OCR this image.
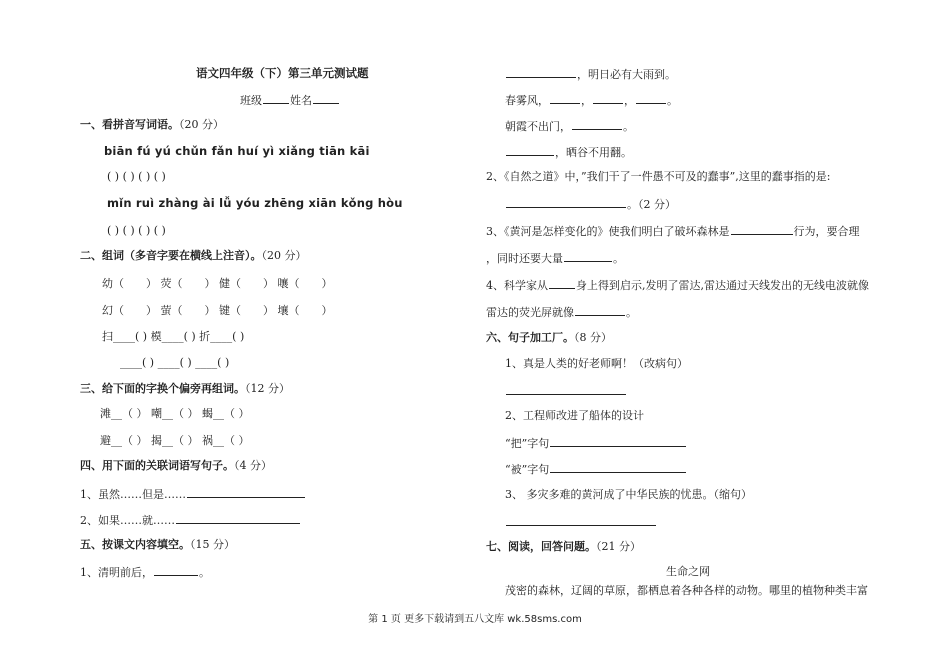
语文四年级（下）第三单元测试题
班级	姓名
一、看拼音写词语。（20 分）
biān fú yú chǔn fǎn huí yì xiǎng tiān kāi
( ) ( ) ( ) ( )
mǐn ruì zhàng ài lǚ yóu zhēng xiān kǒng hòu
( ) ( ) ( ) ( )
二、组词（多音字要在横线上注音）。（20 分）
幼（ ） 荧（ ） 健（ ） 嚷（ ）
幻（ ） 萤（ ） 键（ ） 壤（ ）
扫____( ) 模____( ) 折____( )
____( ) ____( ) ____( )
三、给下面的字换个偏旁再组词。（12 分）
滩__（ ） 嘲__（ ） 蝎__（ ）
避__（ ） 揭__（ ） 祸__（ ）
四、用下面的关联词语写句子。（4 分）
1、虽然……但是……
2、如果……就……
五、按课文内容填空。（15 分）
1、清明前后，	。
，明日必有大雨到。
春雾风，	，	，	。
朝霞不出门，	。
，晒谷不用翻。
2、《自然之道》中，”我们干了一件愚不可及的蠢事”,这里的蠢事指的是:
。（2 分）
3、《黄河是怎样变化的》使我们明白了破坏森林是	行为，要合理
，同时还要大量	。
4、科学家从	身上得到启示,发明了雷达,雷达通过天线发出的无线电波就像
雷达的荧光屏就像	。
六、句子加工厂。（8 分）
1、真是人类的好老师啊！（改病句）
2、工程师改进了船体的设计
“把”字句
“被”字句
3、 多灾多难的黄河成了中华民族的忧患。（缩句）
七、阅读，回答问题。（21 分）
生命之网
茂密的森林，辽阔的草原，都栖息着各种各样的动物。哪里的植物种类丰富
第 1 页 更多下载请到五八文库 wk.58sms.com
